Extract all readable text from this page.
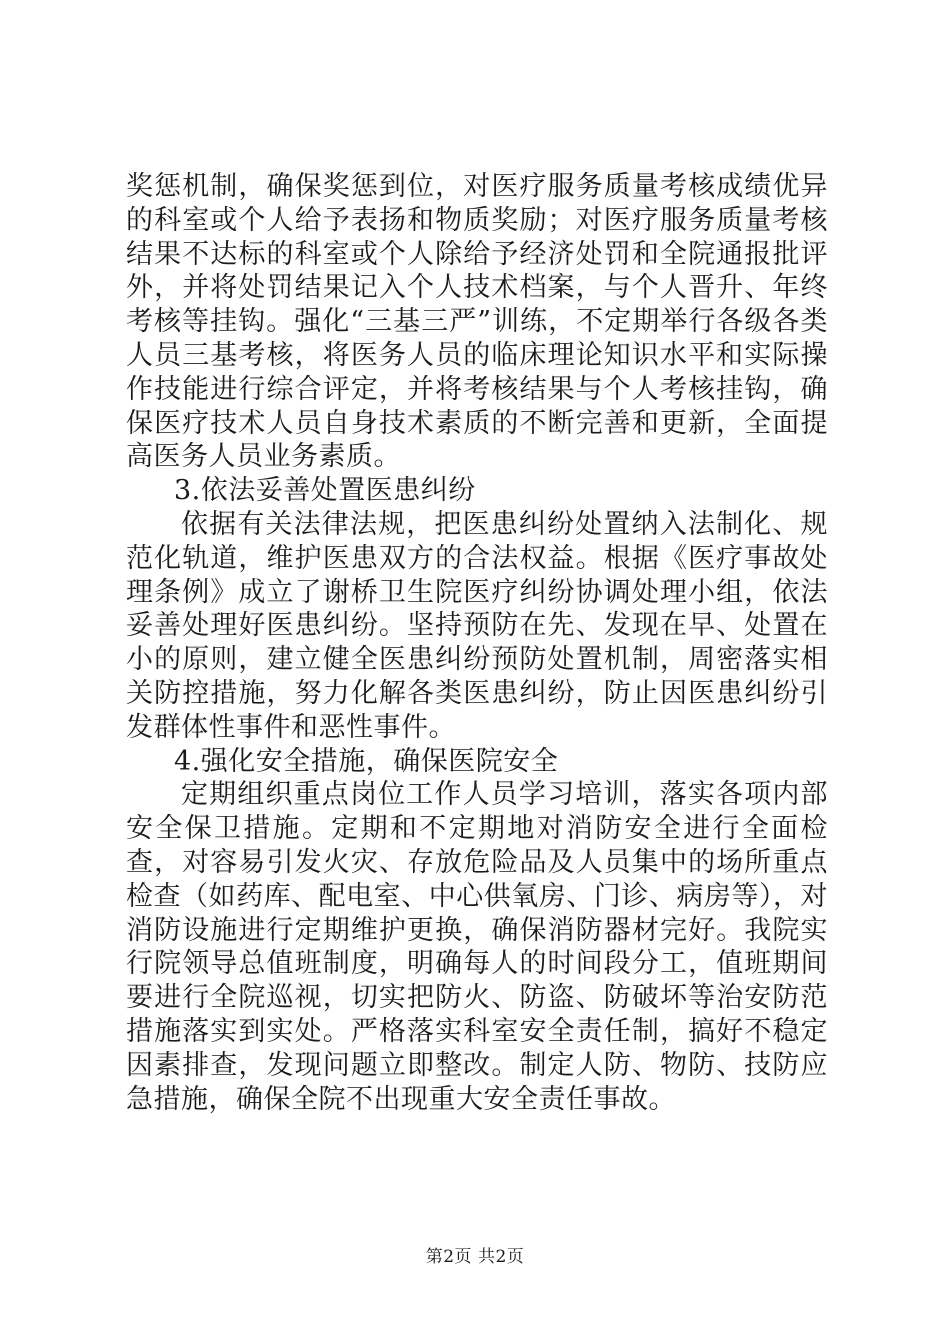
奖惩机制，确保奖惩到位，对医疗服务质量考核成绩优异的科室或个人给予表扬和物质奖励；对医疗服务质量考核结果不达标的科室或个人除给予经济处罚和全院通报批评外，并将处罚结果记入个人技术档案，与个人晋升、年终考核等挂钩。强化“三基三严”训练，不定期举行各级各类人员三基考核，将医务人员的临床理论知识水平和实际操作技能进行综合评定，并将考核结果与个人考核挂钩，确保医疗技术人员自身技术素质的不断完善和更新，全面提高医务人员业务素质。

3.依法妥善处置医患纠纷

依据有关法律法规，把医患纠纷处置纳入法制化、规范化轨道，维护医患双方的合法权益。根据《医疗事故处理条例》成立了谢桥卫生院医疗纠纷协调处理小组，依法妥善处理好医患纠纷。坚持预防在先、发现在早、处置在小的原则，建立健全医患纠纷预防处置机制，周密落实相关防控措施，努力化解各类医患纠纷，防止因医患纠纷引发群体性事件和恶性事件。

4.强化安全措施，确保医院安全

定期组织重点岗位工作人员学习培训，落实各项内部安全保卫措施。定期和不定期地对消防安全进行全面检查，对容易引发火灾、存放危险品及人员集中的场所重点检查（如药库、配电室、中心供氧房、门诊、病房等），对消防设施进行定期维护更换，确保消防器材完好。我院实行院领导总值班制度，明确每人的时间段分工，值班期间要进行全院巡视，切实把防火、防盗、防破坏等治安防范措施落实到实处。严格落实科室安全责任制，搞好不稳定因素排查，发现问题立即整改。制定人防、物防、技防应急措施，确保全院不出现重大安全责任事故。

第2页 共2页
